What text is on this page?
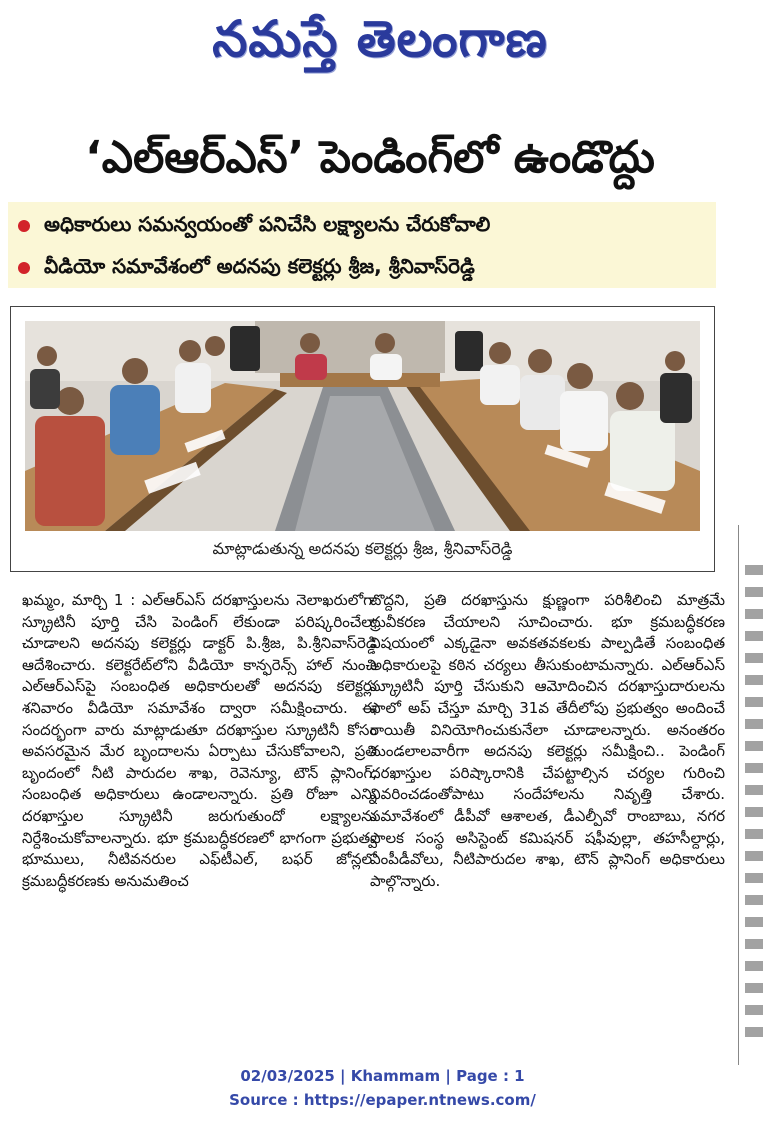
నమస్తే తెలంగాణ
‘ఎల్‌ఆర్‌ఎస్‌’ పెండింగ్‌లో ఉండొద్దు
అధికారులు సమన్వయంతో పనిచేసి లక్ష్యాలను చేరుకోవాలి
వీడియో సమావేశంలో అదనపు కలెక్టర్లు శ్రీజ, శ్రీనివాస్‌రెడ్డి
మాట్లాడుతున్న అదనపు కలెక్టర్లు శ్రీజ, శ్రీనివాస్‌రెడ్డి
ఖమ్మం, మార్చి 1 : ఎల్‌ఆర్‌ఎస్‌ దరఖాస్తులను నెలాఖరులోగా స్క్రూటినీ పూర్తి చేసి పెండింగ్‌ లేకుండా పరిష్కరించేలా చూడాలని అదనపు కలెక్టర్లు డాక్టర్‌ పి.శ్రీజ, పి.శ్రీనివాస్‌రెడ్డి ఆదేశించారు. కలెక్టరేట్‌లోని వీడియో కాన్ఫరెన్స్‌ హాల్‌ నుంచి ఎల్‌ఆర్‌ఎస్‌పై సంబంధిత అధికారులతో అదనపు కలెక్టర్లు శనివారం వీడియో సమావేశం ద్వారా సమీక్షించారు. ఈ సందర్భంగా వారు మాట్లాడుతూ దరఖాస్తుల స్క్రూటినీ కోసం అవసరమైన మేర బృందాలను ఏర్పాటు చేసుకోవాలని, ప్రతి బృందంలో నీటి పారుదల శాఖ, రెవెన్యూ, టౌన్‌ ప్లానింగ్‌, సంబంధిత అధికారులు ఉండాలన్నారు. ప్రతి రోజూ ఎన్ని దరఖాస్తుల స్క్రూటినీ జరుగుతుందో లక్ష్యాలను నిర్దేశించుకోవాలన్నారు. భూ క్రమబద్ధీకరణలో భాగంగా ప్రభుత్వ భూములు, నీటివనరుల ఎఫ్‌టీఎల్‌, బఫర్‌ జోన్లలో క్రమబద్ధీకరణకు అనుమతించ
చొద్దని, ప్రతి దరఖాస్తును క్షుణ్ణంగా పరిశీలించి మాత్రమే ధ్రువీకరణ చేయాలని సూచించారు. భూ క్రమబద్ధీకరణ విషయంలో ఎక్కడైనా అవకతవకలకు పాల్పడితే సంబంధిత అధికారులపై కఠిన చర్యలు తీసుకుంటామన్నారు. ఎల్‌ఆర్‌ఎస్‌ స్క్రూటినీ పూర్తి చేసుకుని ఆమోదించిన దరఖాస్తుదారులను ఫాలో అప్‌ చేస్తూ మార్చి 31వ తేదీలోపు ప్రభుత్వం అందించే రాయితీ వినియోగించుకునేలా చూడాలన్నారు. అనంతరం మండలాలవారీగా అదనపు కలెక్టర్లు సమీక్షించి.. పెండింగ్‌ దరఖాస్తుల పరిష్కారానికి చేపట్టాల్సిన చర్యల గురించి వివరించడంతోపాటు సందేహాలను నివృత్తి చేశారు. సమావేశంలో డీపీవో ఆశాలత, డీఎల్పీవో రాంబాబు, నగర పాలక సంస్థ అసిస్టెంట్‌ కమిషనర్‌ షఫీవుల్లా, తహసీల్దార్లు, ఎంపీడీవోలు, నీటిపారుదల శాఖ, టౌన్‌ ప్లానింగ్‌ అధికారులు పాల్గొన్నారు.
02/03/2025 | Khammam | Page : 1
Source : https://epaper.ntnews.com/
